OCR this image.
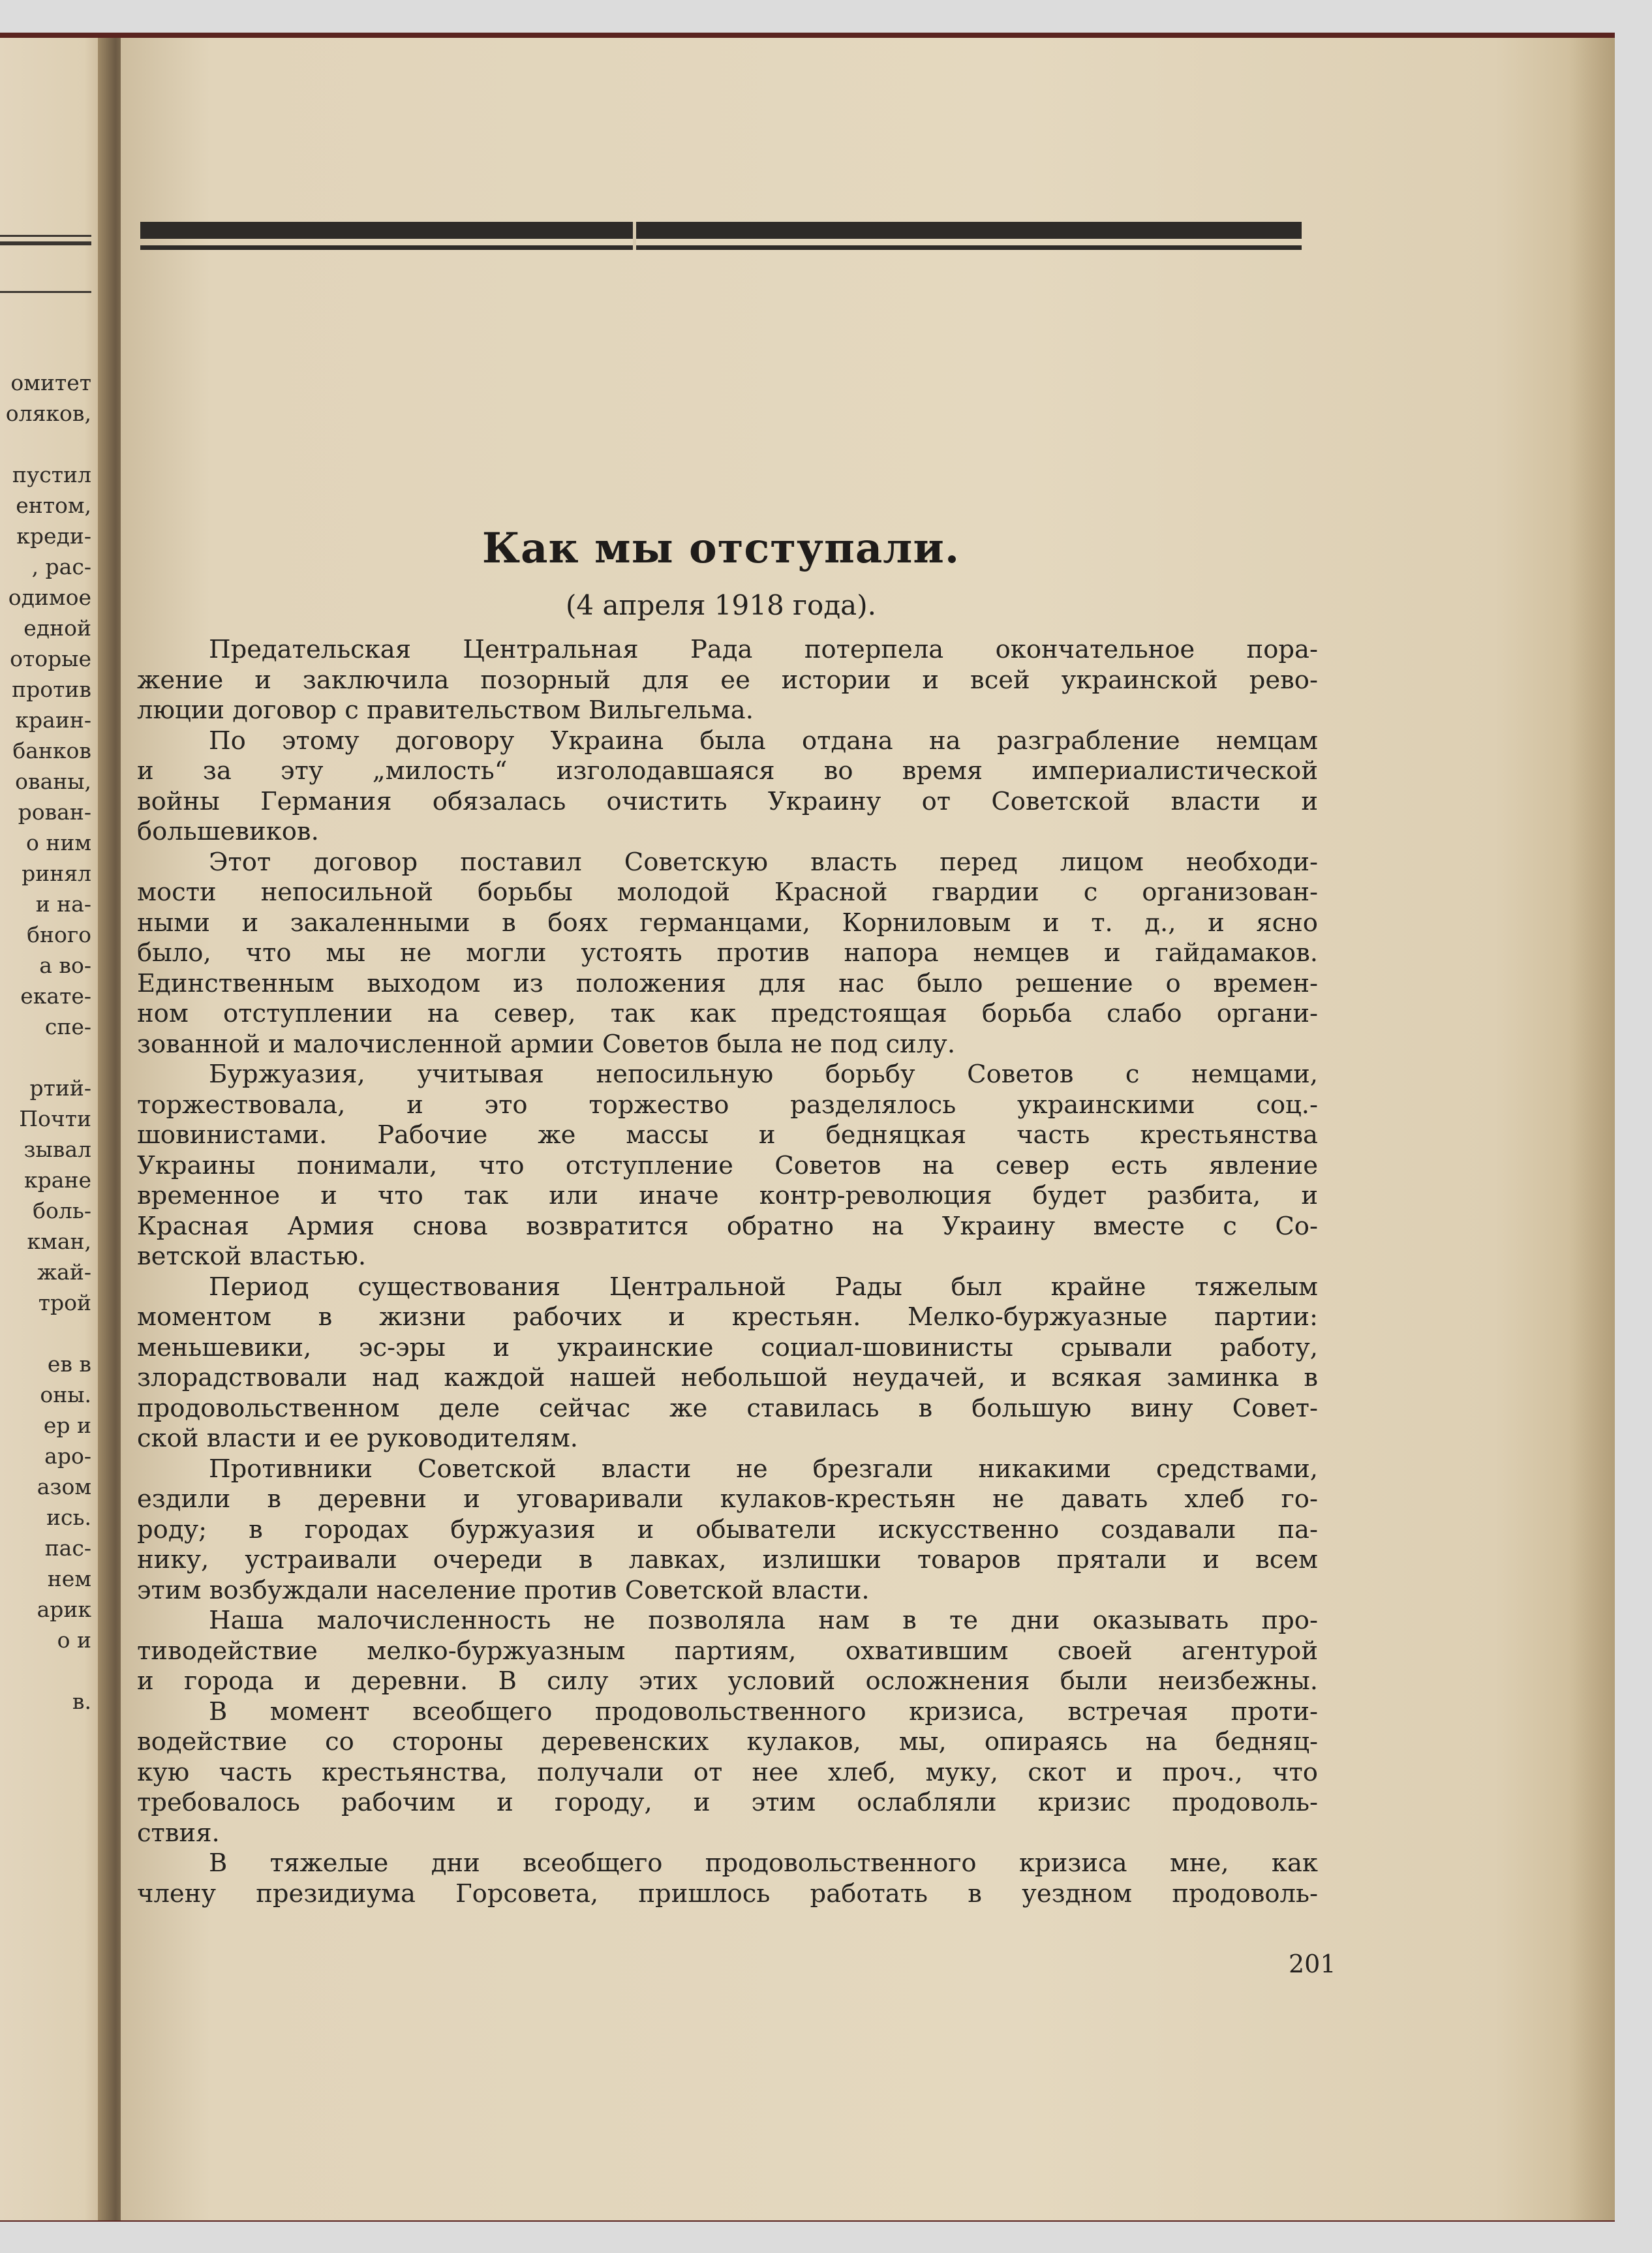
омитет
оляков,
пустил
ентом,
креди-
, рас-
одимое
едной
оторые
против
краин-
банков
ованы,
рован-
о ним
ринял
и на-
бного
а во-
екате-
спе-
ртий-
Почти
зывал
кране
боль-
кман,
жай-
трой
ев в
оны.
ер и
аро-
азом
ись.
пас-
нем
арик
о и
в.
Как мы отступали.
(4 апреля 1918 года).
Предательская Центральная Рада потерпела окончательное пора-
жение и заключила позорный для ее истории и всей украинской рево-
люции договор с правительством Вильгельма.
По этому договору Украина была отдана на разграбление немцам
и за эту „милость“ изголодавшаяся во время империалистической
войны Германия обязалась очистить Украину от Советской власти и
большевиков.
Этот договор поставил Советскую власть перед лицом необходи-
мости непосильной борьбы молодой Красной гвардии с организован-
ными и закаленными в боях германцами, Корниловым и т. д., и ясно
было, что мы не могли устоять против напора немцев и гайдамаков.
Единственным выходом из положения для нас было решение о времен-
ном отступлении на север, так как предстоящая борьба слабо органи-
зованной и малочисленной армии Советов была не под силу.
Буржуазия, учитывая непосильную борьбу Советов с немцами,
торжествовала, и это торжество разделялось украинскими соц.-
шовинистами. Рабочие же массы и бедняцкая часть крестьянства
Украины понимали, что отступление Советов на север есть явление
временное и что так или иначе контр-революция будет разбита, и
Красная Армия снова возвратится обратно на Украину вместе с Со-
ветской властью.
Период существования Центральной Рады был крайне тяжелым
моментом в жизни рабочих и крестьян. Мелко-буржуазные партии:
меньшевики, эс-эры и украинские социал-шовинисты срывали работу,
злорадствовали над каждой нашей небольшой неудачей, и всякая заминка в
продовольственном деле сейчас же ставилась в большую вину Совет-
ской власти и ее руководителям.
Противники Советской власти не брезгали никакими средствами,
ездили в деревни и уговаривали кулаков-крестьян не давать хлеб го-
роду; в городах буржуазия и обыватели искусственно создавали па-
нику, устраивали очереди в лавках, излишки товаров прятали и всем
этим возбуждали население против Советской власти.
Наша малочисленность не позволяла нам в те дни оказывать про-
тиводействие мелко-буржуазным партиям, охватившим своей агентурой
и города и деревни. В силу этих условий осложнения были неизбежны.
В момент всеобщего продовольственного кризиса, встречая проти-
водействие со стороны деревенских кулаков, мы, опираясь на бедняц-
кую часть крестьянства, получали от нее хлеб, муку, скот и проч., что
требовалось рабочим и городу, и этим ослабляли кризис продоволь-
ствия.
В тяжелые дни всеобщего продовольственного кризиса мне, как
члену президиума Горсовета, пришлось работать в уездном продоволь-
201
